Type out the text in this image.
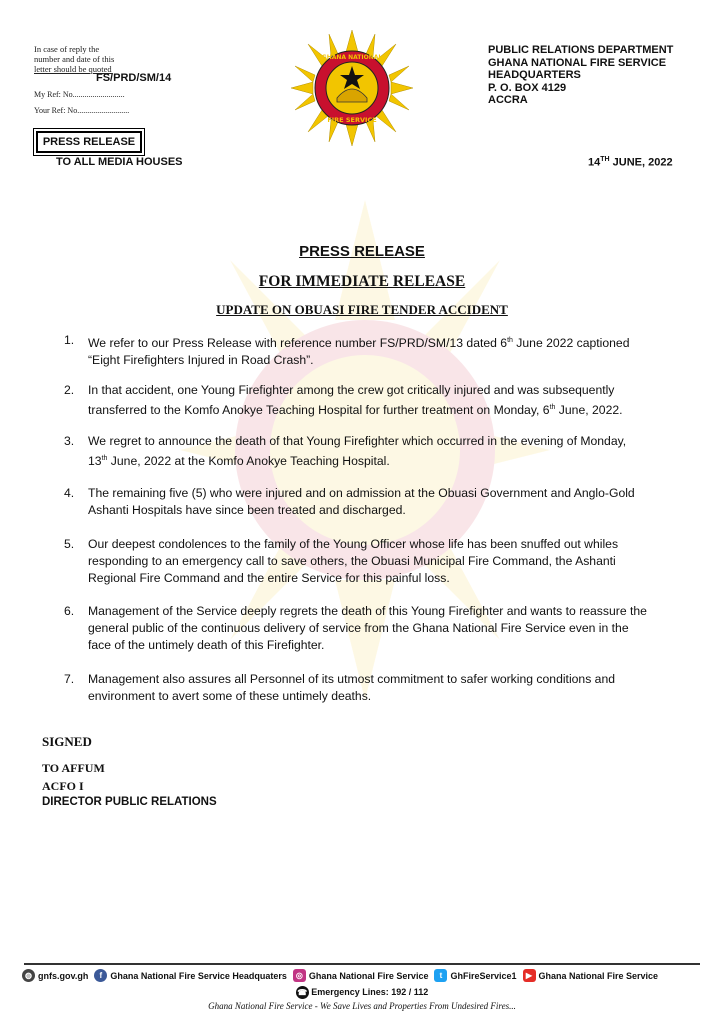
In case of reply the
number and date of this
letter should be quoted
FS/PRD/SM/14
My Ref: No..........................
Your Ref: No..........................
PRESS RELEASE
TO ALL MEDIA HOUSES
GHANA NATIONAL
FIRE SERVICE
PUBLIC RELATIONS DEPARTMENT
GHANA NATIONAL FIRE SERVICE
HEADQUARTERS
P. O. BOX 4129
ACCRA
14TH JUNE, 2022
PRESS RELEASE
FOR IMMEDIATE RELEASE
UPDATE ON OBUASI FIRE TENDER ACCIDENT
1. We refer to our Press Release with reference number FS/PRD/SM/13 dated 6th June 2022 captioned
“Eight Firefighters Injured in Road Crash”.
2. In that accident, one Young Firefighter among the crew got critically injured and was subsequently
transferred to the Komfo Anokye Teaching Hospital for further treatment on Monday, 6th June, 2022.
3. We regret to announce the death of that Young Firefighter which occurred in the evening of Monday,
13th June, 2022 at the Komfo Anokye Teaching Hospital.
4. The remaining five (5) who were injured and on admission at the Obuasi Government and Anglo-Gold
Ashanti Hospitals have since been treated and discharged.
5. Our deepest condolences to the family of the Young Officer whose life has been snuffed out whiles
responding to an emergency call to save others, the Obuasi Municipal Fire Command, the Ashanti
Regional Fire Command and the entire Service for this painful loss.
6. Management of the Service deeply regrets the death of this Young Firefighter and wants to reassure the
general public of the continuous delivery of service from the Ghana National Fire Service even in the
face of the untimely death of this Firefighter.
7. Management also assures all Personnel of its utmost commitment to safer working conditions and
environment to avert some of these untimely deaths.
SIGNED
TO AFFUM
ACFO I
DIRECTOR PUBLIC RELATIONS
◍ gnfs.gov.gh	f Ghana National Fire Service Headquaters	◎ Ghana National Fire Service	t GhFireService1	▶ Ghana National Fire Service
☎ Emergency Lines: 192 / 112
Ghana National Fire Service - We Save Lives and Properties From Undesired Fires...
